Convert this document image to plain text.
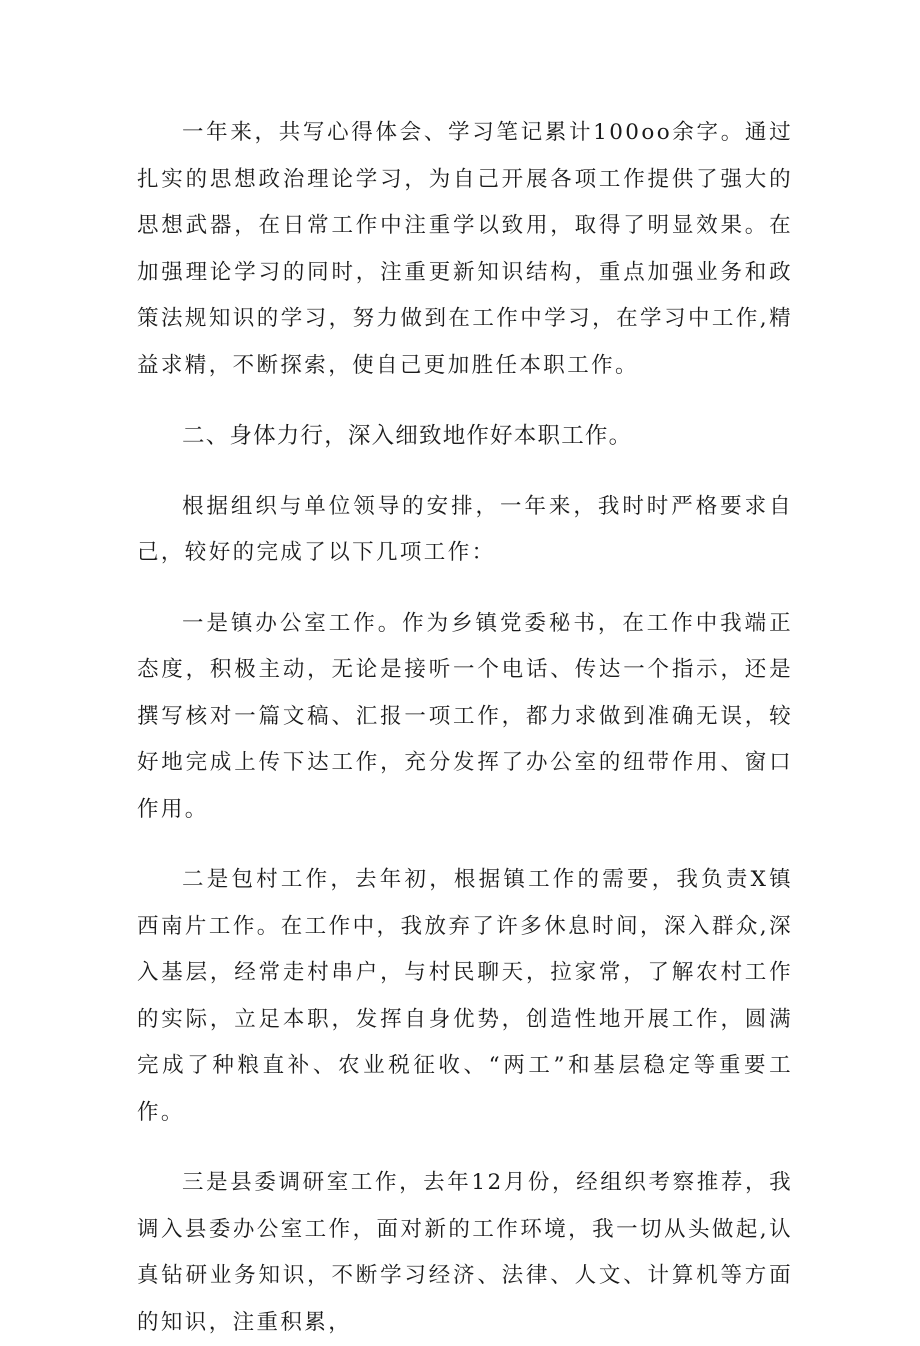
一年来，共写心得体会、学习笔记累计100oo余字。通过扎实的思想政治理论学习，为自己开展各项工作提供了强大的思想武器，在日常工作中注重学以致用，取得了明显效果。在加强理论学习的同时，注重更新知识结构，重点加强业务和政策法规知识的学习，努力做到在工作中学习，在学习中工作,精益求精，不断探索，使自己更加胜任本职工作。

二、身体力行，深入细致地作好本职工作。

根据组织与单位领导的安排，一年来，我时时严格要求自己，较好的完成了以下几项工作：

一是镇办公室工作。作为乡镇党委秘书，在工作中我端正态度，积极主动，无论是接听一个电话、传达一个指示，还是撰写核对一篇文稿、汇报一项工作，都力求做到准确无误，较好地完成上传下达工作，充分发挥了办公室的纽带作用、窗口作用。

二是包村工作，去年初，根据镇工作的需要，我负责X镇西南片工作。在工作中，我放弃了许多休息时间，深入群众,深入基层，经常走村串户，与村民聊天，拉家常，了解农村工作的实际，立足本职，发挥自身优势，创造性地开展工作，圆满完成了种粮直补、农业税征收、“两工”和基层稳定等重要工作。

三是县委调研室工作，去年12月份，经组织考察推荐，我调入县委办公室工作，面对新的工作环境，我一切从头做起,认真钻研业务知识，不断学习经济、法律、人文、计算机等方面的知识，注重积累，
